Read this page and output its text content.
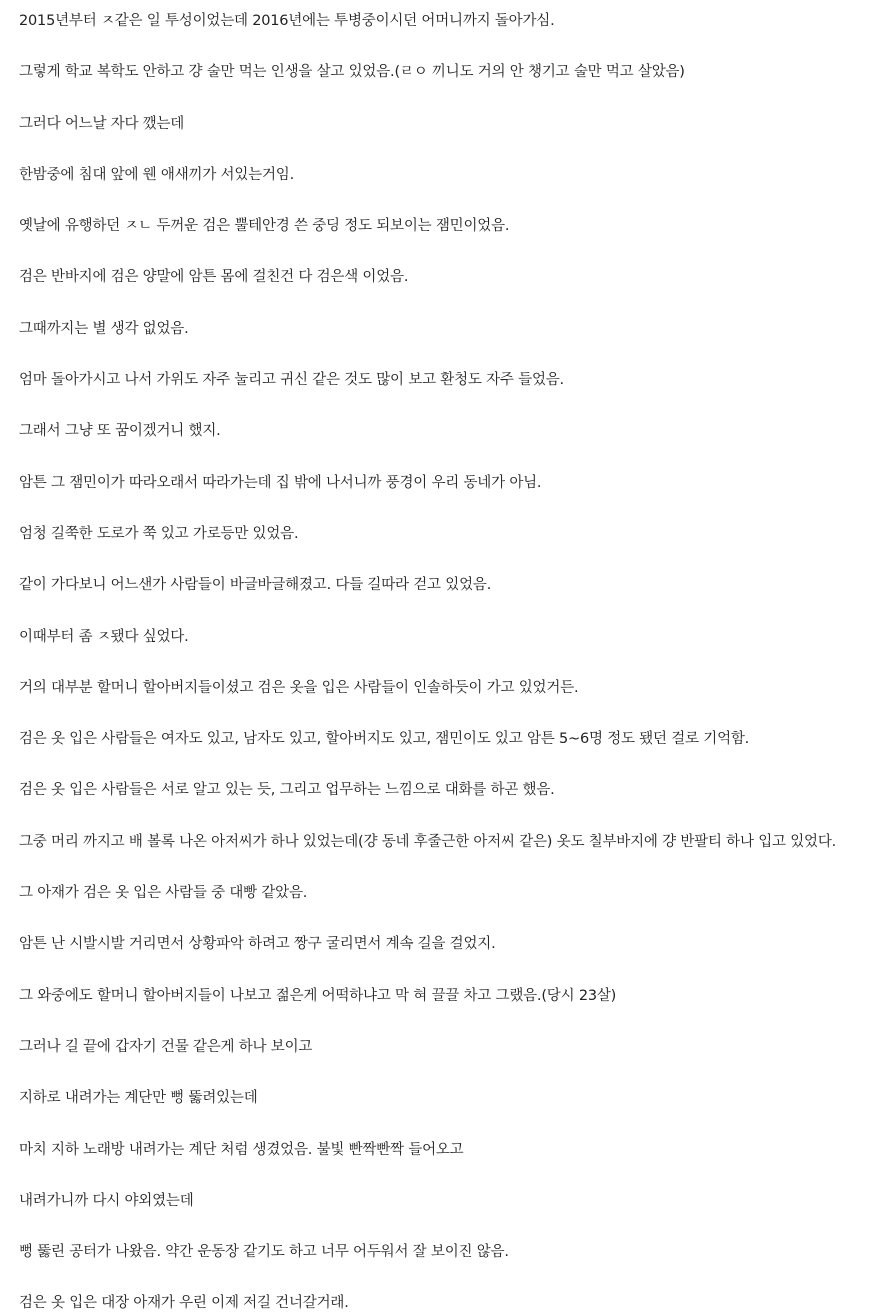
2015년부터 ㅈ같은 일 투성이었는데 2016년에는 투병중이시던 어머니까지 돌아가심.
그렇게 학교 복학도 안하고 걍 술만 먹는 인생을 살고 있었음.(ㄹㅇ 끼니도 거의 안 챙기고 술만 먹고 살았음)
그러다 어느날 자다 깼는데
한밤중에 침대 앞에 웬 애새끼가 서있는거임.
옛날에 유행하던 ㅈㄴ 두꺼운 검은 뿔테안경 쓴 중딩 정도 되보이는 잼민이었음.
검은 반바지에 검은 양말에 암튼 몸에 걸친건 다 검은색 이었음.
그때까지는 별 생각 없었음.
엄마 돌아가시고 나서 가위도 자주 눌리고 귀신 같은 것도 많이 보고 환청도 자주 들었음.
그래서 그냥 또 꿈이겠거니 했지.
암튼 그 잼민이가 따라오래서 따라가는데 집 밖에 나서니까 풍경이 우리 동네가 아님.
엄청 길쭉한 도로가 쭉 있고 가로등만 있었음.
같이 가다보니 어느샌가 사람들이 바글바글해졌고. 다들 길따라 걷고 있었음.
이때부터 좀 ㅈ됐다 싶었다.
거의 대부분 할머니 할아버지들이셨고 검은 옷을 입은 사람들이 인솔하듯이 가고 있었거든.
검은 옷 입은 사람들은 여자도 있고, 남자도 있고, 할아버지도 있고, 잼민이도 있고 암튼 5~6명 정도 됐던 걸로 기억함.
검은 옷 입은 사람들은 서로 알고 있는 듯, 그리고 업무하는 느낌으로 대화를 하곤 했음.
그중 머리 까지고 배 볼록 나온 아저씨가 하나 있었는데(걍 동네 후줄근한 아저씨 같은) 옷도 칠부바지에 걍 반팔티 하나 입고 있었다.
그 아재가 검은 옷 입은 사람들 중 대빵 같았음.
암튼 난 시발시발 거리면서 상황파악 하려고 짱구 굴리면서 계속 길을 걸었지.
그 와중에도 할머니 할아버지들이 나보고 젊은게 어떡하냐고 막 혀 끌끌 차고 그랬음.(당시 23살)
그러나 길 끝에 갑자기 건물 같은게 하나 보이고
지하로 내려가는 계단만 뻥 뚫려있는데
마치 지하 노래방 내려가는 계단 처럼 생겼었음. 불빛 빤짝빤짝 들어오고
내려가니까 다시 야외였는데
뻥 뚫린 공터가 나왔음. 약간 운동장 같기도 하고 너무 어두워서 잘 보이진 않음.
검은 옷 입은 대장 아재가 우린 이제 저길 건너갈거래.
